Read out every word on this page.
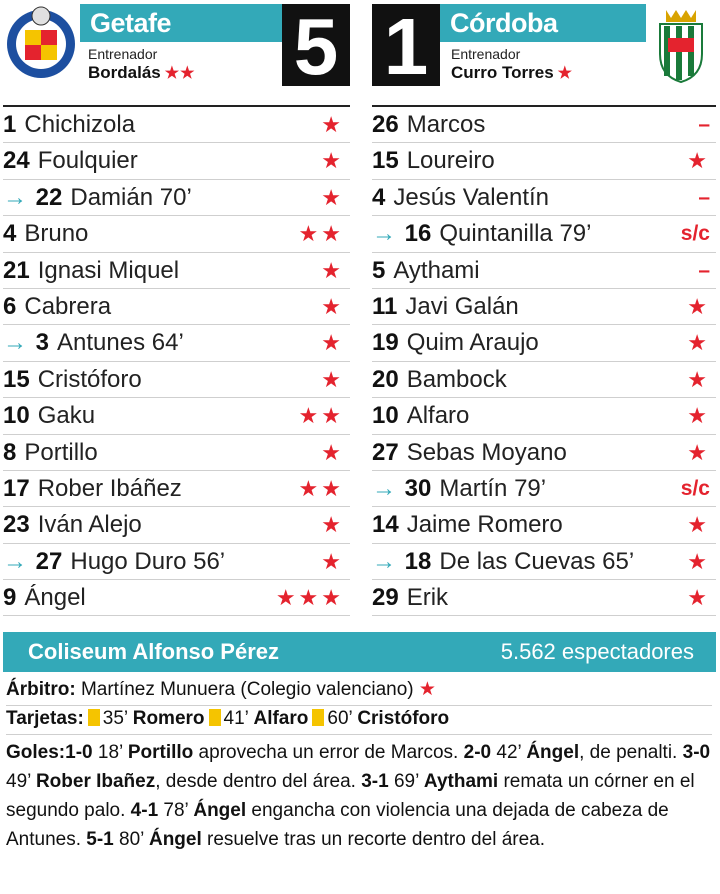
Getafe	5
Entrenador
Bordalás ★★ 1 Córdoba
Entrenador
Curro Torres ★
1 Chichizola	★
24 Foulquier	★
→ 22 Damián 70’	★
4 Bruno	★★
21 Ignasi Miquel	★
6 Cabrera	★
→ 3 Antunes 64’	★
15 Cristóforo	★
10 Gaku	★★
8 Portillo	★
17 Rober Ibáñez	★★
23 Iván Alejo	★
→ 27 Hugo Duro 56’	★
9 Ángel	★★★
26 Marcos	–
15 Loureiro	★
4 Jesús Valentín	–
→ 16 Quintanilla 79’	s/c
5 Aythami	–
11 Javi Galán	★
19 Quim Araujo	★
20 Bambock	★
10 Alfaro	★
27 Sebas Moyano	★
→ 30 Martín 79’	s/c
14 Jaime Romero	★
→ 18 De las Cuevas 65’ ★
29 Erik	★
Coliseum Alfonso Pérez	5.562 espectadores
Árbitro: Martínez Munuera (Colegio valenciano) ★
Tarjetas: 35’ Romero 41’ Alfaro 60’ Cristóforo
Goles:1-0 18’ Portillo aprovecha un error de Marcos. 2-0 42’ Ángel, de penalti. 3-0 49’ Rober Ibañez, desde dentro del área. 3-1 69’ Aythami remata un córner en el segundo palo. 4-1 78’ Ángel engancha con violencia una dejada de cabeza de Antunes. 5-1 80’ Ángel resuelve tras un recorte dentro del área.
